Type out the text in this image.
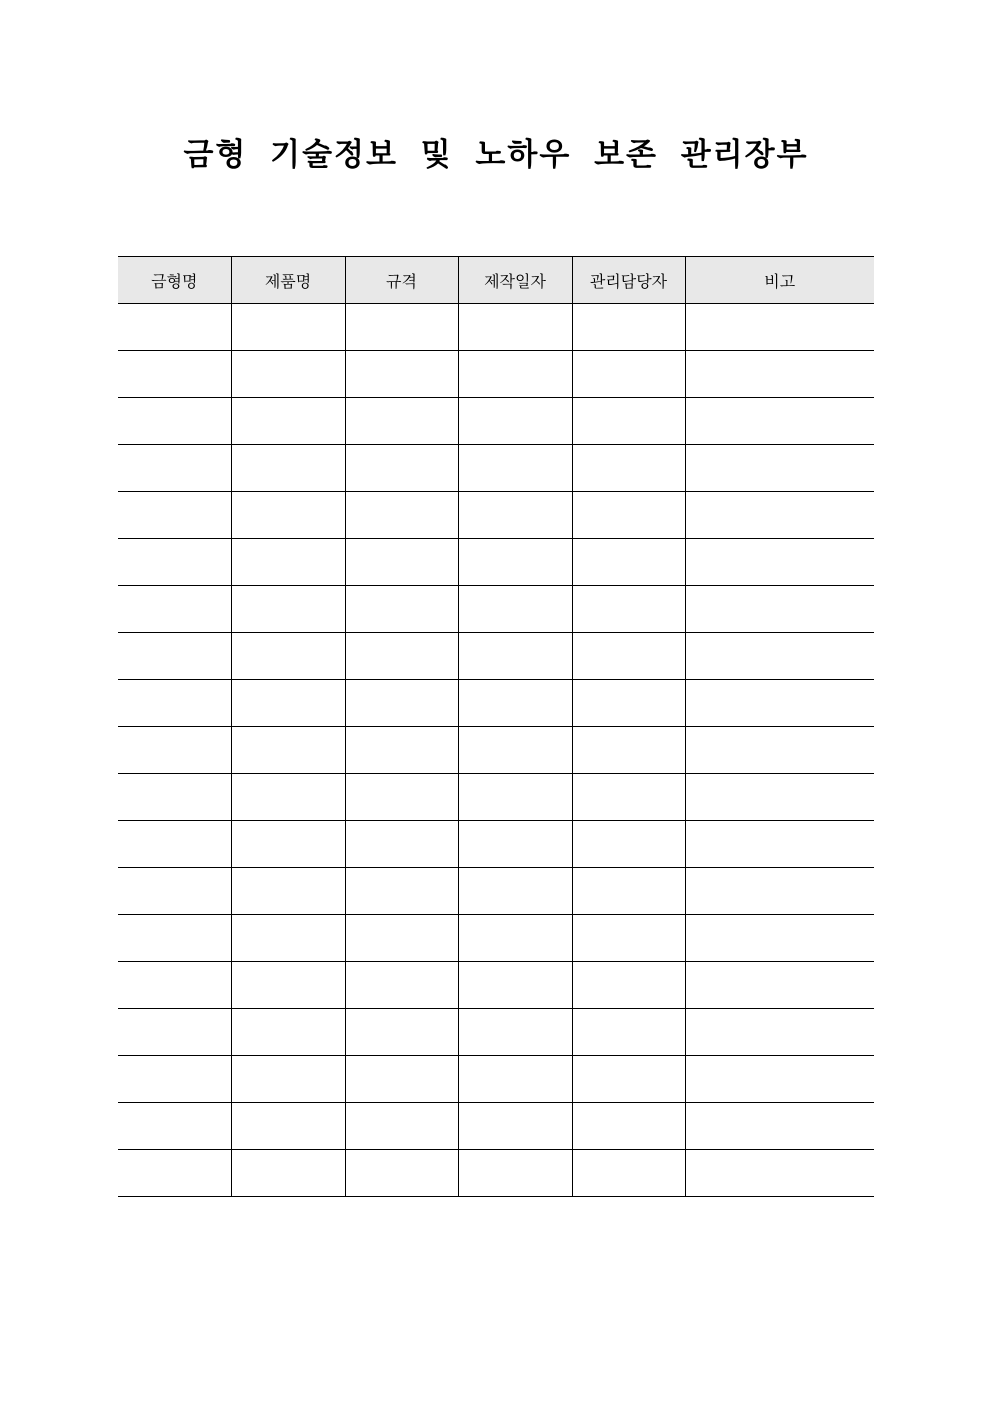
금형 기술정보 및 노하우 보존 관리장부
금형명	제품명	규격	제작일자	관리담당자	비고
